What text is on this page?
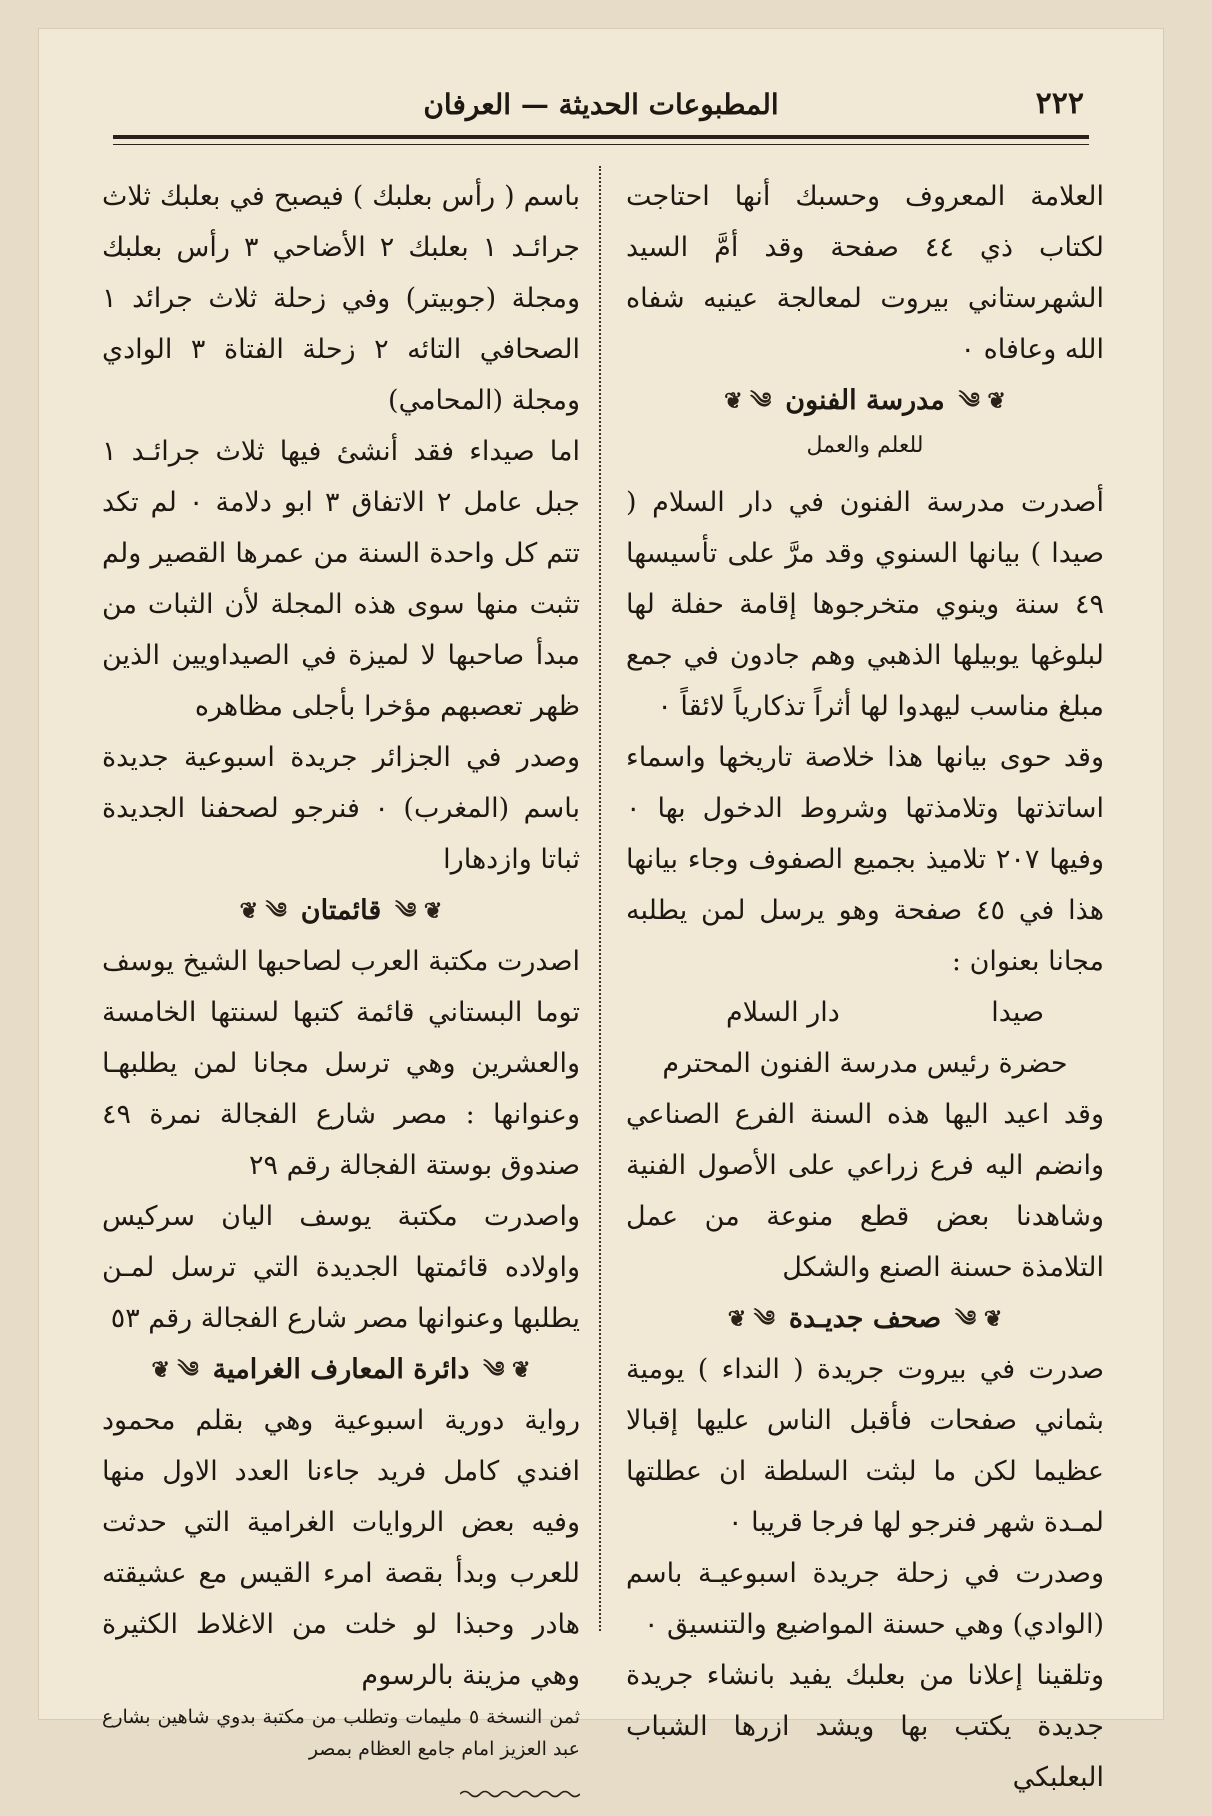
٢٢٢
المطبوعات الحديثة — العرفان

العلامة المعروف وحسبك أنها احتاجت لكتاب ذي ٤٤ صفحة وقد أمَّ السيد الشهرستاني بيروت لمعالجة عينيه شفاه الله وعافاه ٠

❦ ༄
مدرسة الفنون
༄ ❦
للعلم والعمل

أصدرت مدرسة الفنون في دار السلام ( صيدا ) بيانها السنوي وقد مرَّ على تأسيسها ٤٩ سنة وينوي متخرجوها إقامة حفلة لها لبلوغها يوبيلها الذهبي وهم جادون في جمع مبلغ مناسب ليهدوا لها أثراً تذكارياً لائقاً ٠

وقد حوى بيانها هذا خلاصة تاريخها واسماء اساتذتها وتلامذتها وشروط الدخول بها ٠ وفيها ٢٠٧ تلاميذ بجميع الصفوف وجاء بيانها هذا في ٤٥ صفحة وهو يرسل لمن يطلبه مجانا بعنوان :

صيدا
دار السلام

حضرة رئيس مدرسة الفنون المحترم

وقد اعيد اليها هذه السنة الفرع الصناعي وانضم اليه فرع زراعي على الأصول الفنية وشاهدنا بعض قطع منوعة من عمل التلامذة حسنة الصنع والشكل

❦ ༄
صحف جديـدة
༄ ❦

صدرت في بيروت جريدة ( النداء ) يومية بثماني صفحات فأقبل الناس عليها إقبالا عظيما لكن ما لبثت السلطة ان عطلتها لمـدة شهر فنرجو لها فرجا قريبا ٠

وصدرت في زحلة جريدة اسبوعيـة باسم (الوادي) وهي حسنة المواضيع والتنسيق ٠

وتلقينا إعلانا من بعلبك يفيد بانشاء جريدة جديدة يكتب بها ويشد ازرها الشباب البعلبكي

باسم ( رأس بعلبك ) فيصبح في بعلبك ثلاث جرائـد ١ بعلبك ٢ الأضاحي ٣ رأس بعلبك ومجلة (جوبيتر) وفي زحلة ثلاث جرائد ١ الصحافي التائه ٢ زحلة الفتاة ٣ الوادي ومجلة (المحامي)

اما صيداء فقد أنشئ فيها ثلاث جرائـد ١ جبل عامل ٢ الاتفاق ٣ ابو دلامة ٠ لم تكد تتم كل واحدة السنة من عمرها القصير ولم تثبت منها سوى هذه المجلة لأن الثبات من مبدأ صاحبها لا لميزة في الصيداويين الذين ظهر تعصبهم مؤخرا بأجلى مظاهره

وصدر في الجزائر جريدة اسبوعية جديدة باسم (المغرب) ٠ فنرجو لصحفنا الجديدة ثباتا وازدهارا

❦ ༄
قائمتان
༄ ❦

اصدرت مكتبة العرب لصاحبها الشيخ يوسف توما البستاني قائمة كتبها لسنتها الخامسة والعشرين وهي ترسل مجانا لمن يطلبهـا وعنوانها : مصر شارع الفجالة نمرة ٤٩ صندوق بوستة الفجالة رقم ٢٩

واصدرت مكتبة يوسف اليان سركيس واولاده قائمتها الجديدة التي ترسل لمـن يطلبها وعنوانها مصر شارع الفجالة رقم ٥٣

❦ ༄
دائرة المعارف الغرامية
༄ ❦

رواية دورية اسبوعية وهي بقلم محمود افندي كامل فريد جاءنا العدد الاول منها وفيه بعض الروايات الغرامية التي حدثت للعرب وبدأ بقصة امرء القيس مع عشيقته هادر وحبذا لو خلت من الاغلاط الكثيرة وهي مزينة بالرسوم

ثمن النسخة ٥ مليمات وتطلب من مكتبة بدوي شاهين بشارع عبد العزيز امام جامع العظام بمصر
